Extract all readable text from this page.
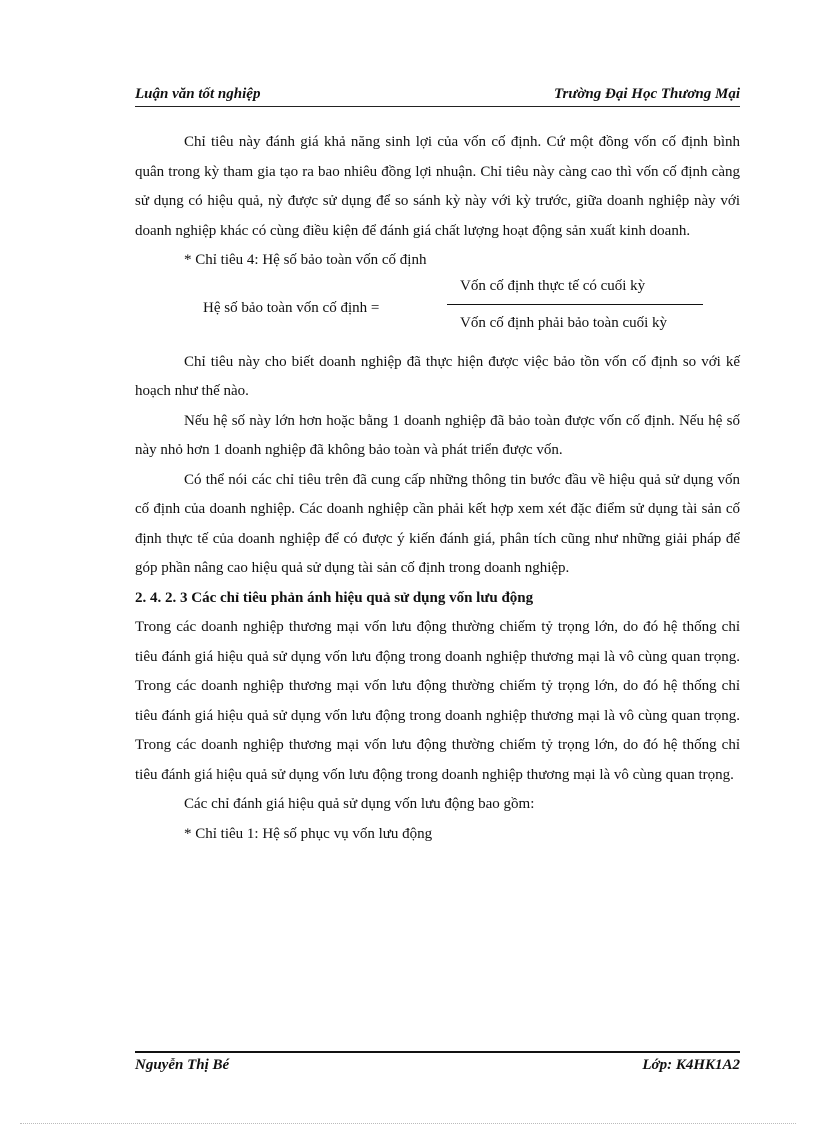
Luận văn tốt nghiệp	Trường Đại Học Thương Mại

Chỉ tiêu này đánh giá khả năng sinh lợi của vốn cố định. Cứ một đồng vốn cố định bình quân trong kỳ tham gia tạo ra bao nhiêu đồng lợi nhuận. Chỉ tiêu này càng cao thì vốn cố định càng sử dụng có hiệu quả, nỳ được sử dụng để so sánh kỳ này với kỳ trước, giữa doanh nghiệp này với doanh nghiệp khác có cùng điều kiện để đánh giá chất lượng hoạt động sản xuất kinh doanh.

* Chỉ tiêu 4: Hệ số bảo toàn vốn cố định

Hệ số bảo toàn vốn cố định =
Vốn cố định thực tế có cuối kỳ
Vốn cố định phải bảo toàn cuối kỳ

Chỉ tiêu này cho biết doanh nghiệp đã thực hiện được việc bảo tồn vốn cố định so với kế hoạch như thế nào.

Nếu hệ số này lớn hơn hoặc bằng 1 doanh nghiệp đã bảo toàn được vốn cố định. Nếu hệ số này nhỏ hơn 1 doanh nghiệp đã không bảo toàn và phát triển được vốn.

Có thể nói các chỉ tiêu trên đã cung cấp những thông tin bước đầu về hiệu quả sử dụng vốn cố định của doanh nghiệp. Các doanh nghiệp cần phải kết hợp xem xét đặc điểm sử dụng tài sản cố định thực tế của doanh nghiệp để có được ý kiến đánh giá, phân tích cũng như những giải pháp để góp phần nâng cao hiệu quả sử dụng tài sản cố định trong doanh nghiệp.

2. 4. 2. 3 Các chỉ tiêu phản ánh hiệu quả sử dụng vốn lưu động

Trong các doanh nghiệp thương mại vốn lưu động thường chiếm tỷ trọng lớn, do đó hệ thống chỉ tiêu đánh giá hiệu quả sử dụng vốn lưu động trong doanh nghiệp thương mại là vô cùng quan trọng. Trong các doanh nghiệp thương mại vốn lưu động thường chiếm tỷ trọng lớn, do đó hệ thống chỉ tiêu đánh giá hiệu quả sử dụng vốn lưu động trong doanh nghiệp thương mại là vô cùng quan trọng. Trong các doanh nghiệp thương mại vốn lưu động thường chiếm tỷ trọng lớn, do đó hệ thống chỉ tiêu đánh giá hiệu quả sử dụng vốn lưu động trong doanh nghiệp thương mại là vô cùng quan trọng.

Các chỉ đánh giá hiệu quả sử dụng vốn lưu động bao gồm:

* Chỉ tiêu 1: Hệ số phục vụ vốn lưu động

Nguyễn Thị Bé	Lớp: K4HK1A2
